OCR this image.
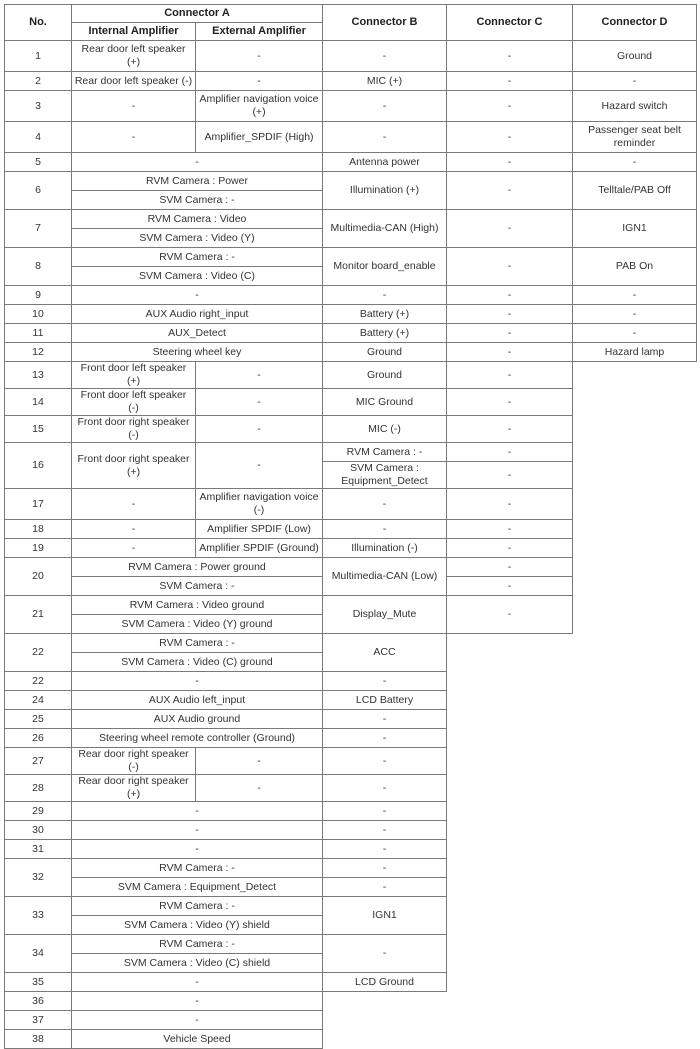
No.	Connector A		Connector B	Connector C	Connector D
	Internal Amplifier	External Amplifier			
1	Rear door left speaker (+)	-	-	-	Ground
2	Rear door left speaker (-)	-	MIC (+)	-	-
3	-	Amplifier navigation voice (+)	-	-	Hazard switch
4	-	Amplifier_SPDIF (High)	-	-	Passenger seat belt reminder
5	-		Antenna power	-	-
6	RVM Camera : Power		Illumination (+)	-	Telltale/PAB Off
	SVM Camera : -				
7	RVM Camera : Video		Multimedia-CAN (High)	-	IGN1
	SVM Camera : Video (Y)				
8	RVM Camera : -		Monitor board_enable	-	PAB On
	SVM Camera : Video (C)				
9	-		-	-	-
10	AUX Audio right_input		Battery (+)	-	-
11	AUX_Detect		Battery (+)	-	-
12	Steering wheel key		Ground	-	Hazard lamp
13	Front door left speaker (+)	-	Ground	-	
14	Front door left speaker (-)	-	MIC Ground	-	
15	Front door right speaker (-)	-	MIC (-)	-	
16	Front door right speaker (+)	-	RVM Camera : -	-	
			SVM Camera : Equipment_Detect	-	
17	-	Amplifier navigation voice (-)	-	-	
18	-	Amplifier SPDIF (Low)	-	-	
19	-	Amplifier SPDIF (Ground)	Illumination (-)	-	
20	RVM Camera : Power ground		Multimedia-CAN (Low)	-	
	SVM Camera : -			-	
21	RVM Camera : Video ground		Display_Mute	-	
	SVM Camera : Video (Y) ground				
22	RVM Camera : -		ACC		
	SVM Camera : Video (C) ground				
22	-		-		
24	AUX Audio left_input		LCD Battery		
25	AUX Audio ground		-		
26	Steering wheel remote controller (Ground)		-		
27	Rear door right speaker (-)	-	-		
28	Rear door right speaker (+)	-	-		
29	-		-		
30	-		-		
31	-		-		
32	RVM Camera : -		-		
	SVM Camera : Equipment_Detect		-		
33	RVM Camera : -		IGN1		
	SVM Camera : Video (Y) shield				
34	RVM Camera : -		-		
	SVM Camera : Video (C) shield				
35	-		LCD Ground		
36	-				
37	-				
38	Vehicle Speed				
